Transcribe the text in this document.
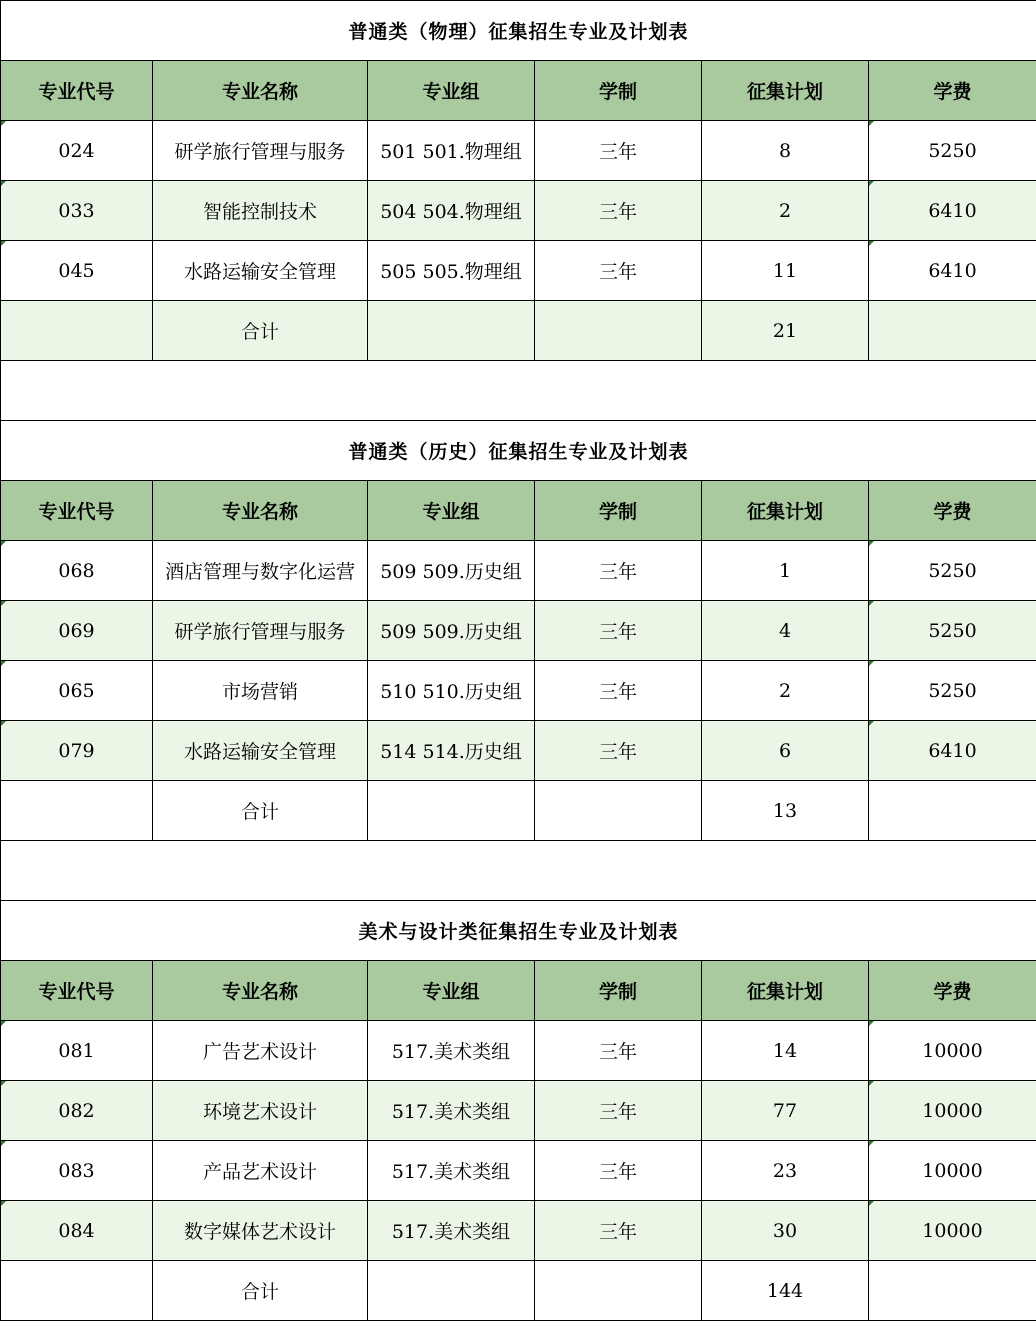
普通类（物理）征集招生专业及计划表					
专业代号	专业名称	专业组	学制	征集计划	学费
024	研学旅行管理与服务	501 501.物理组	三年	8	5250
033	智能控制技术	504 504.物理组	三年	2	6410
045	水路运输安全管理	505 505.物理组	三年	11	6410
	合计			21	

普通类（历史）征集招生专业及计划表					
专业代号	专业名称	专业组	学制	征集计划	学费
068	酒店管理与数字化运营	509 509.历史组	三年	1	5250
069	研学旅行管理与服务	509 509.历史组	三年	4	5250
065	市场营销	510 510.历史组	三年	2	5250
079	水路运输安全管理	514 514.历史组	三年	6	6410
	合计			13	

美术与设计类征集招生专业及计划表					
专业代号	专业名称	专业组	学制	征集计划	学费
081	广告艺术设计	517.美术类组	三年	14	10000
082	环境艺术设计	517.美术类组	三年	77	10000
083	产品艺术设计	517.美术类组	三年	23	10000
084	数字媒体艺术设计	517.美术类组	三年	30	10000
	合计			144	
